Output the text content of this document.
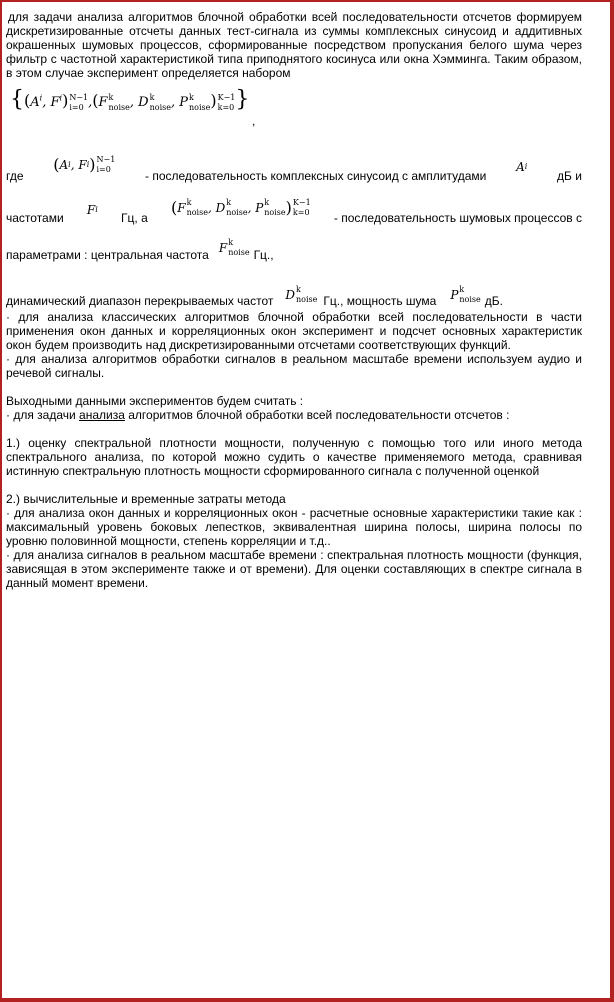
для задачи анализа алгоритмов блочной обработки всей последовательности отсчетов формируем дискретизированные отсчеты данных тест-сигнала из суммы комплексных синусоид и аддитивных окрашенных шумовых процессов, сформированные посредством пропускания белого шума через фильтр с частотной характеристикой типа приподнятого косинуса или окна Хэмминга. Таким образом, в этом случае эксперимент определяется набором

{($A^i$, $F^i$) N−1
i=0 ,(F k
noise , D k
noise , P k
noise ) K−1
k=0 }
,
где
( A i , F i ) N−1
i=0	- последовательность комплексных синусоид с амплитудами
A i
дБ и
частотами
F i
Гц, а
( F k
noise , D k
noise , P k
noise ) K−1
k=0 - последовательность шумовых процессов с
параметрами : центральная частота F k
noise Гц.,
динамический диапазон перекрываемых частот D k
noise Гц., мощность шума P k
noise дБ.

· для анализа классических алгоритмов блочной обработки всей последовательности в части применения окон данных и корреляционных окон эксперимент и подсчет основных характеристик окон будем производить над дискретизированными отсчетами соответствующих функций.

· для анализа алгоритмов обработки сигналов в реальном масштабе времени используем аудио и речевой сигналы.

Выходными данными экспериментов будем считать :

· для задачи анализа алгоритмов блочной обработки всей последовательности отсчетов :

1.) оценку спектральной плотности мощности, полученную с помощью того или иного метода спектрального анализа, по которой можно судить о качестве применяемого метода, сравнивая истинную спектральную плотность мощности сформированного сигнала с полученной оценкой

2.) вычислительные и временные затраты метода

· для анализа окон данных и корреляционных окон - расчетные основные характеристики такие как : максимальный уровень боковых лепестков, эквивалентная ширина полосы, ширина полосы по уровню половинной мощности, степень корреляции и т.д..

· для анализа сигналов в реальном масштабе времени : спектральная плотность мощности (функция, зависящая в этом эксперименте также и от времени). Для оценки составляющих в спектре сигнала в данный момент времени.
